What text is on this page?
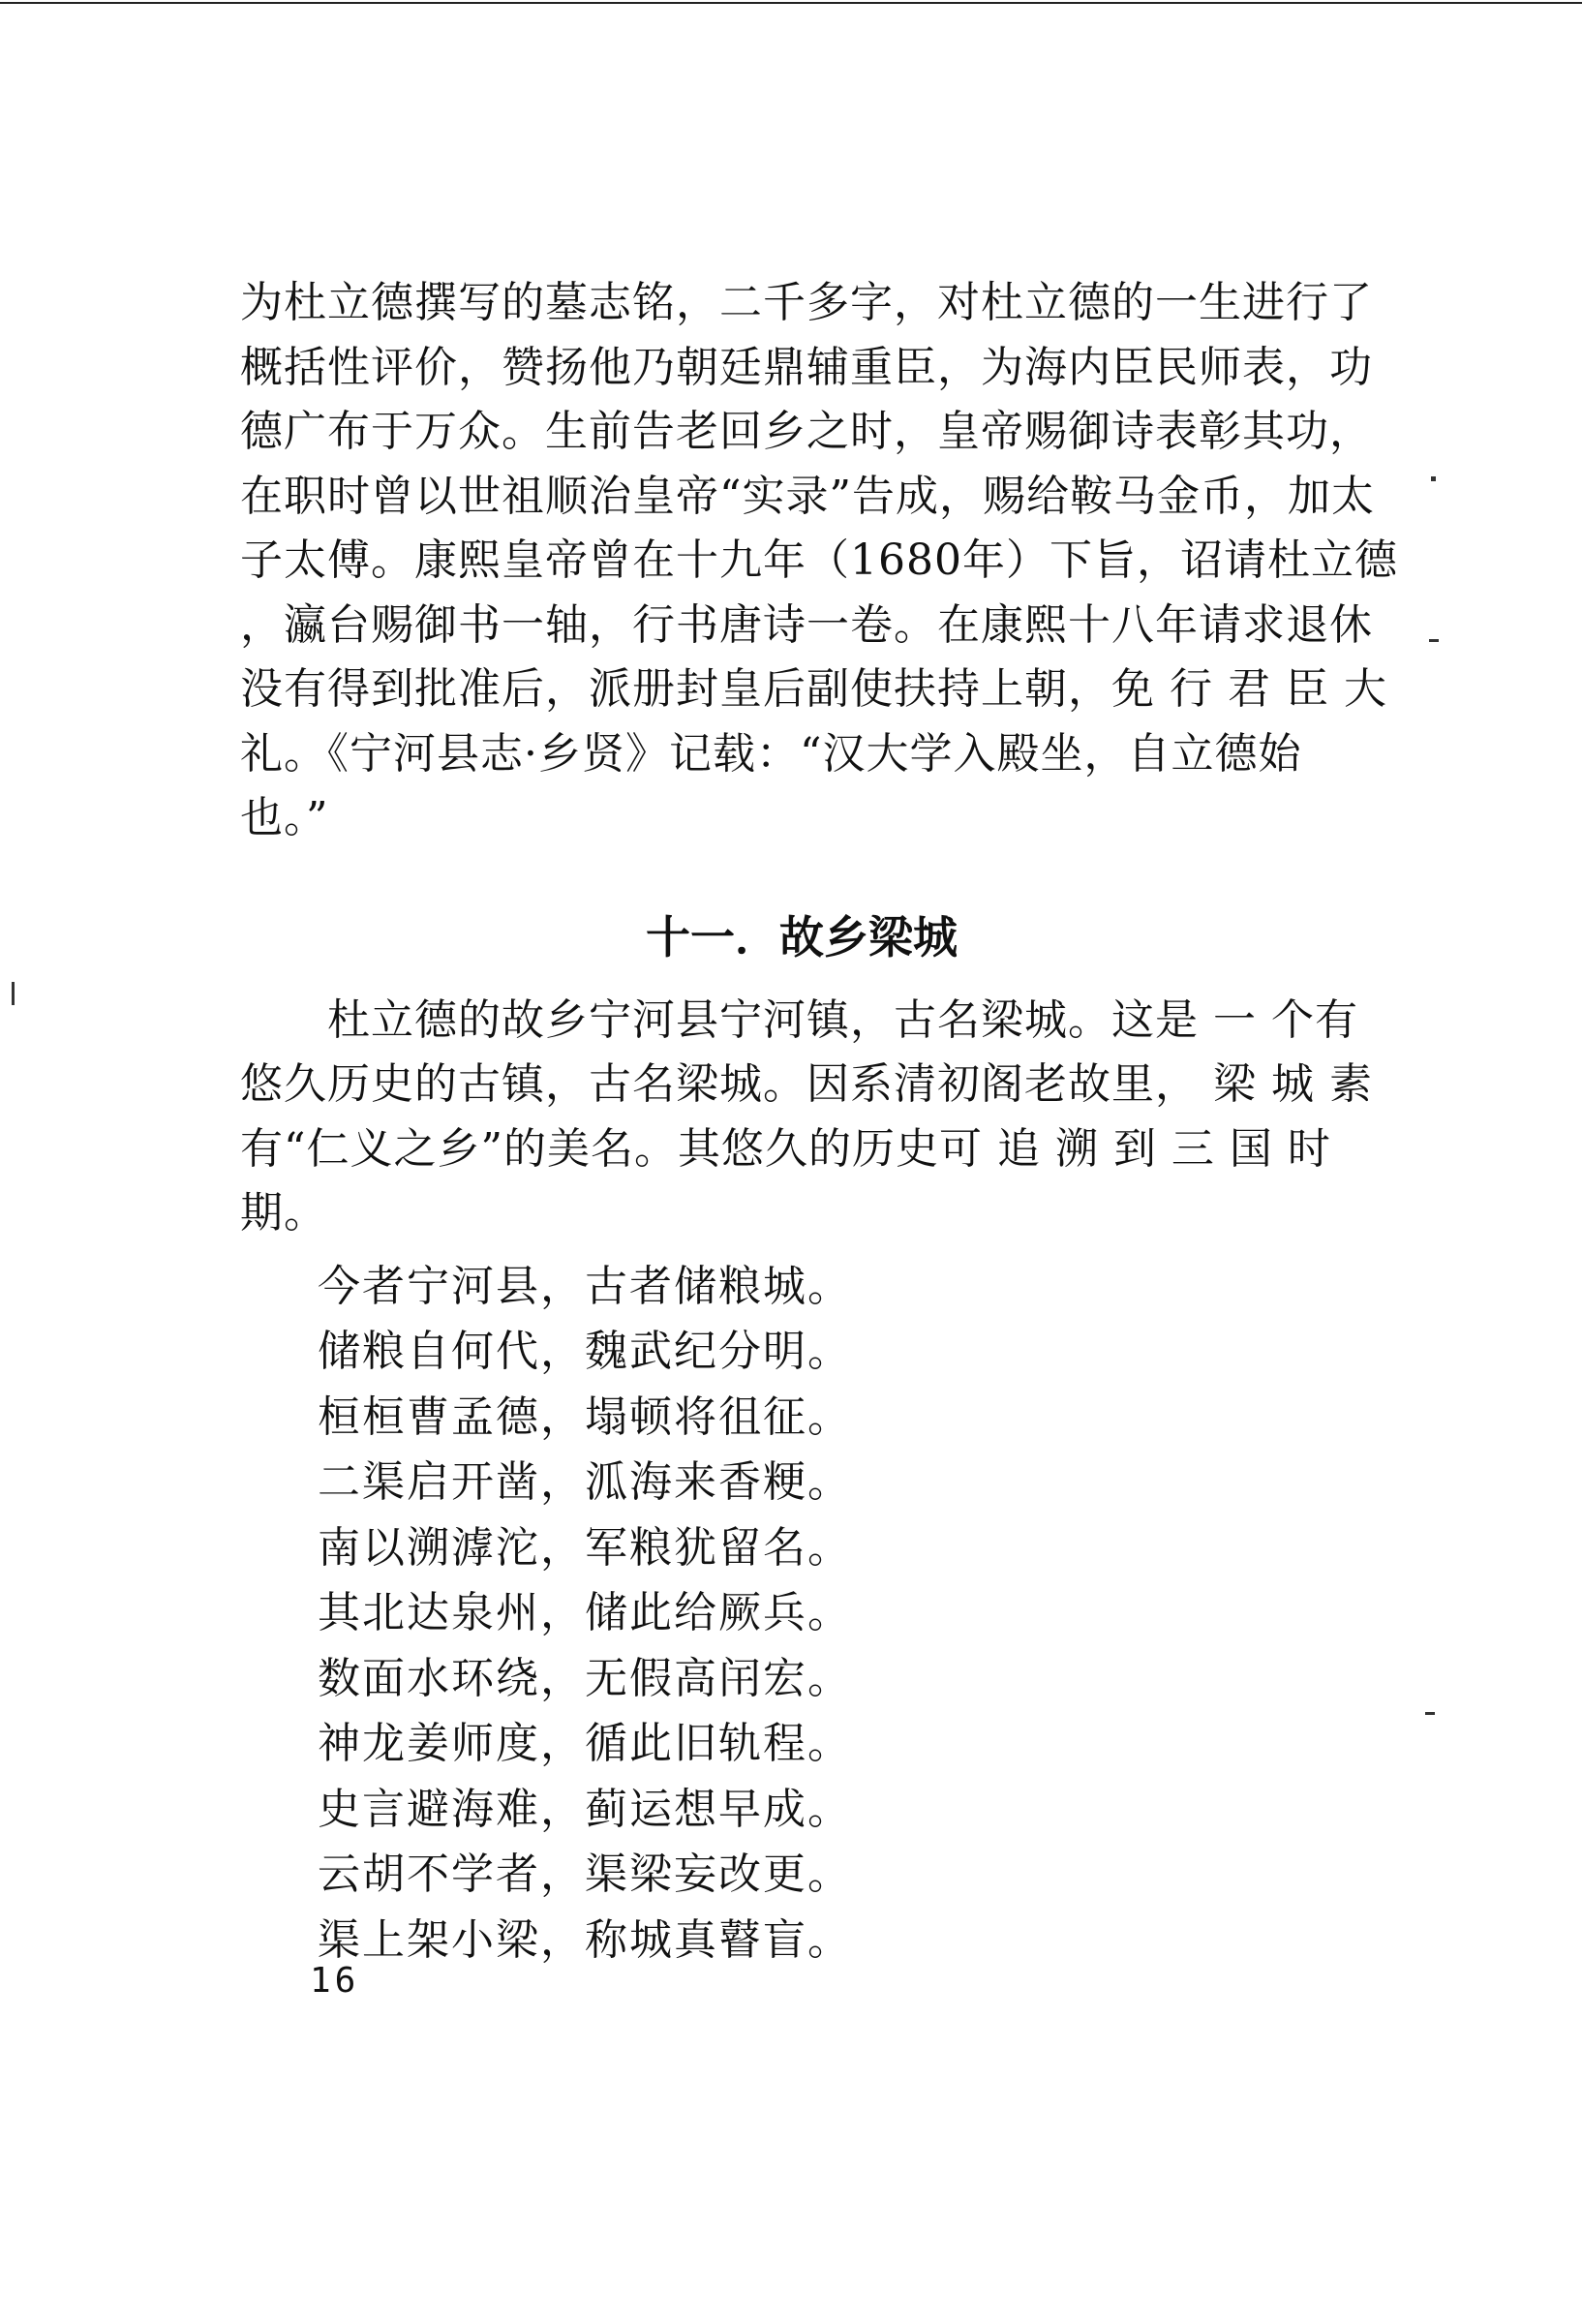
为杜立德撰写的墓志铭，二千多字，对杜立德的一生进行了
概括性评价，赞扬他乃朝廷鼎辅重臣，为海内臣民师表，功
德广布于万众。生前告老回乡之时，皇帝赐御诗表彰其功，
在职时曾以世祖顺治皇帝“实录”告成，赐给鞍马金币，加太
子太傅。康熙皇帝曾在十九年（1680年）下旨，诏请杜立德
，瀛台赐御书一轴，行书唐诗一卷。在康熙十八年请求退休
没有得到批准后，派册封皇后副使扶持上朝，免 行 君 臣 大
礼。《宁河县志·乡贤》记载：“汉大学入殿坐，自立德始
也。”

十一．故乡梁城

　　杜立德的故乡宁河县宁河镇，古名梁城。这是 一 个有
悠久历史的古镇，古名梁城。因系清初阁老故里， 梁 城 素
有“仁义之乡”的美名。其悠久的历史可 追 溯 到 三 国 时
期。

今者宁河县，古者储粮城。
储粮自何代，魏武纪分明。
桓桓曹孟德，塌顿将徂征。
二渠启开凿，泒海来香粳。
南以溯滹沱，军粮犹留名。
其北达泉州，储此给厥兵。
数面水环绕，无假高闬宏。
神龙姜师度，循此旧轨程。
史言避海难，蓟运想早成。
云胡不学者，渠梁妄改更。
渠上架小梁，称城真瞽盲。
16
